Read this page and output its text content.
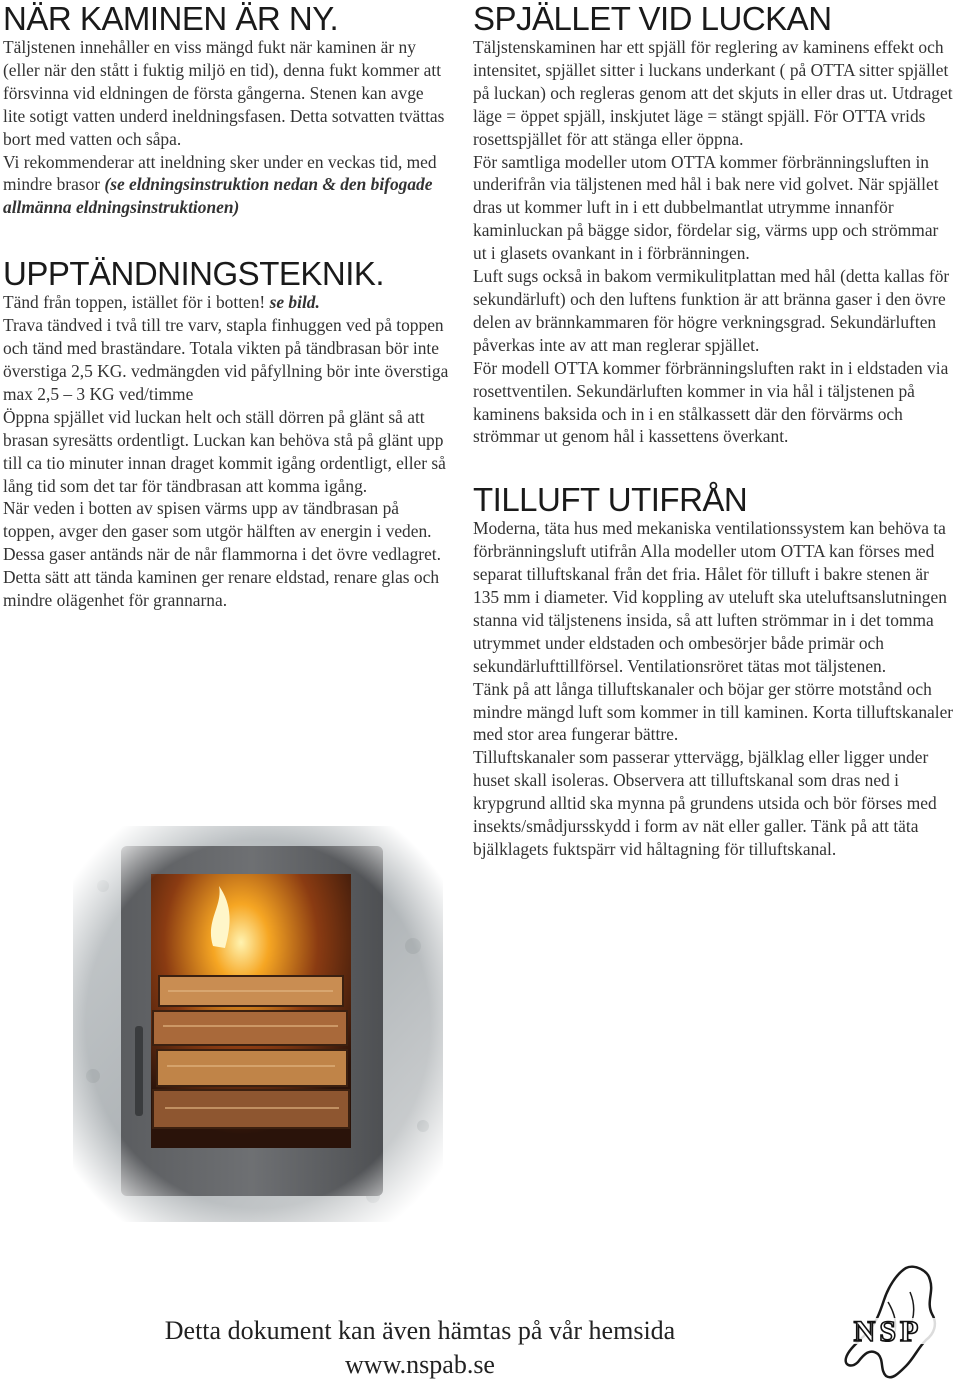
NÄR KAMINEN ÄR NY.

Täljstenen innehåller en viss mängd fukt när kaminen är ny (eller när den stått i fuktig miljö en tid), denna fukt kommer att försvinna vid eldningen de första gångerna. Stenen kan avge lite sotigt vatten underd ineldningsfasen. Detta sotvatten tvättas bort med vatten och såpa.

Vi rekommenderar att ineldning sker under en veckas tid, med mindre brasor (se eldningsinstruktion nedan & den bifogade allmänna eldningsinstruktionen)

UPPTÄNDNINGSTEKNIK.

Tänd från toppen, istället för i botten! se bild.

Trava tändved i två till tre varv, stapla finhuggen ved på toppen och tänd med braständare. Totala vikten på tändbrasan bör inte överstiga 2,5 KG. vedmängden vid påfyllning bör inte överstiga max 2,5 – 3 KG ved/timme

Öppna spjället vid luckan helt och ställ dörren på glänt så att brasan syresätts ordentligt. Luckan kan behöva stå på glänt upp till ca tio minuter innan draget kommit igång ordentligt, eller så lång tid som det tar för tändbrasan att komma igång.

När veden i botten av spisen värms upp av tändbrasan på toppen, avger den gaser som utgör hälften av energin i veden. Dessa gaser antänds när de når flammorna i det övre vedlagret. Detta sätt att tända kaminen ger renare eldstad, renare glas och mindre olägenhet för grannarna.

SPJÄLLET VID LUCKAN

Täljstenskaminen har ett spjäll för reglering av kaminens effekt och intensitet, spjället sitter i luckans underkant ( på OTTA sitter spjället på luckan) och regleras genom att det skjuts in eller dras ut. Utdraget läge = öppet spjäll, inskjutet läge = stängt spjäll. För OTTA vrids rosettspjället för att stänga eller öppna.

För samtliga modeller utom OTTA kommer förbränningsluften in underifrån via täljstenen med hål i bak nere vid golvet. När spjället dras ut kommer luft in i ett dubbelmantlat utrymme innanför kaminluckan på bägge sidor, fördelar sig, värms upp och strömmar ut i glasets ovankant in i förbränningen.

Luft sugs också in bakom vermikulitplattan med hål (detta kallas för sekundärluft) och den luftens funktion är att bränna gaser i den övre delen av brännkammaren för högre verkningsgrad. Sekundärluften påverkas inte av att man reglerar spjället.

För modell OTTA kommer förbränningsluften rakt in i eldstaden via rosettventilen. Sekundärluften kommer in via hål i täljstenen på kaminens baksida och in i en stålkassett där den förvärms och strömmar ut genom hål i kassettens överkant.

TILLUFT UTIFRÅN

Moderna, täta hus med mekaniska ventilationssystem kan behöva ta förbränningsluft utifrån Alla modeller utom OTTA kan förses med separat tilluftskanal från det fria. Hålet för tilluft i bakre stenen är 135 mm i diameter. Vid koppling av uteluft ska uteluftsanslutningen stanna vid täljstenens insida, så att luften strömmar in i det tomma utrymmet under eldstaden och ombesörjer både primär och sekundärlufttillförsel. Ventilationsröret tätas mot täljstenen.

Tänk på att långa tilluftskanaler och böjar ger större motstånd och mindre mängd luft som kommer in till kaminen. Korta tilluftskanaler med stor area fungerar bättre.

Tilluftskanaler som passerar yttervägg, bjälklag eller ligger under huset skall isoleras. Observera att tilluftskanal som dras ned i krypgrund alltid ska mynna på grundens utsida och bör förses med insekts/smådjursskydd i form av nät eller galler. Tänk på att täta bjälklagets fuktspärr vid håltagning för tilluftskanal.

Detta dokument kan även hämtas på vår hemsida
www.nspab.se
NSP
